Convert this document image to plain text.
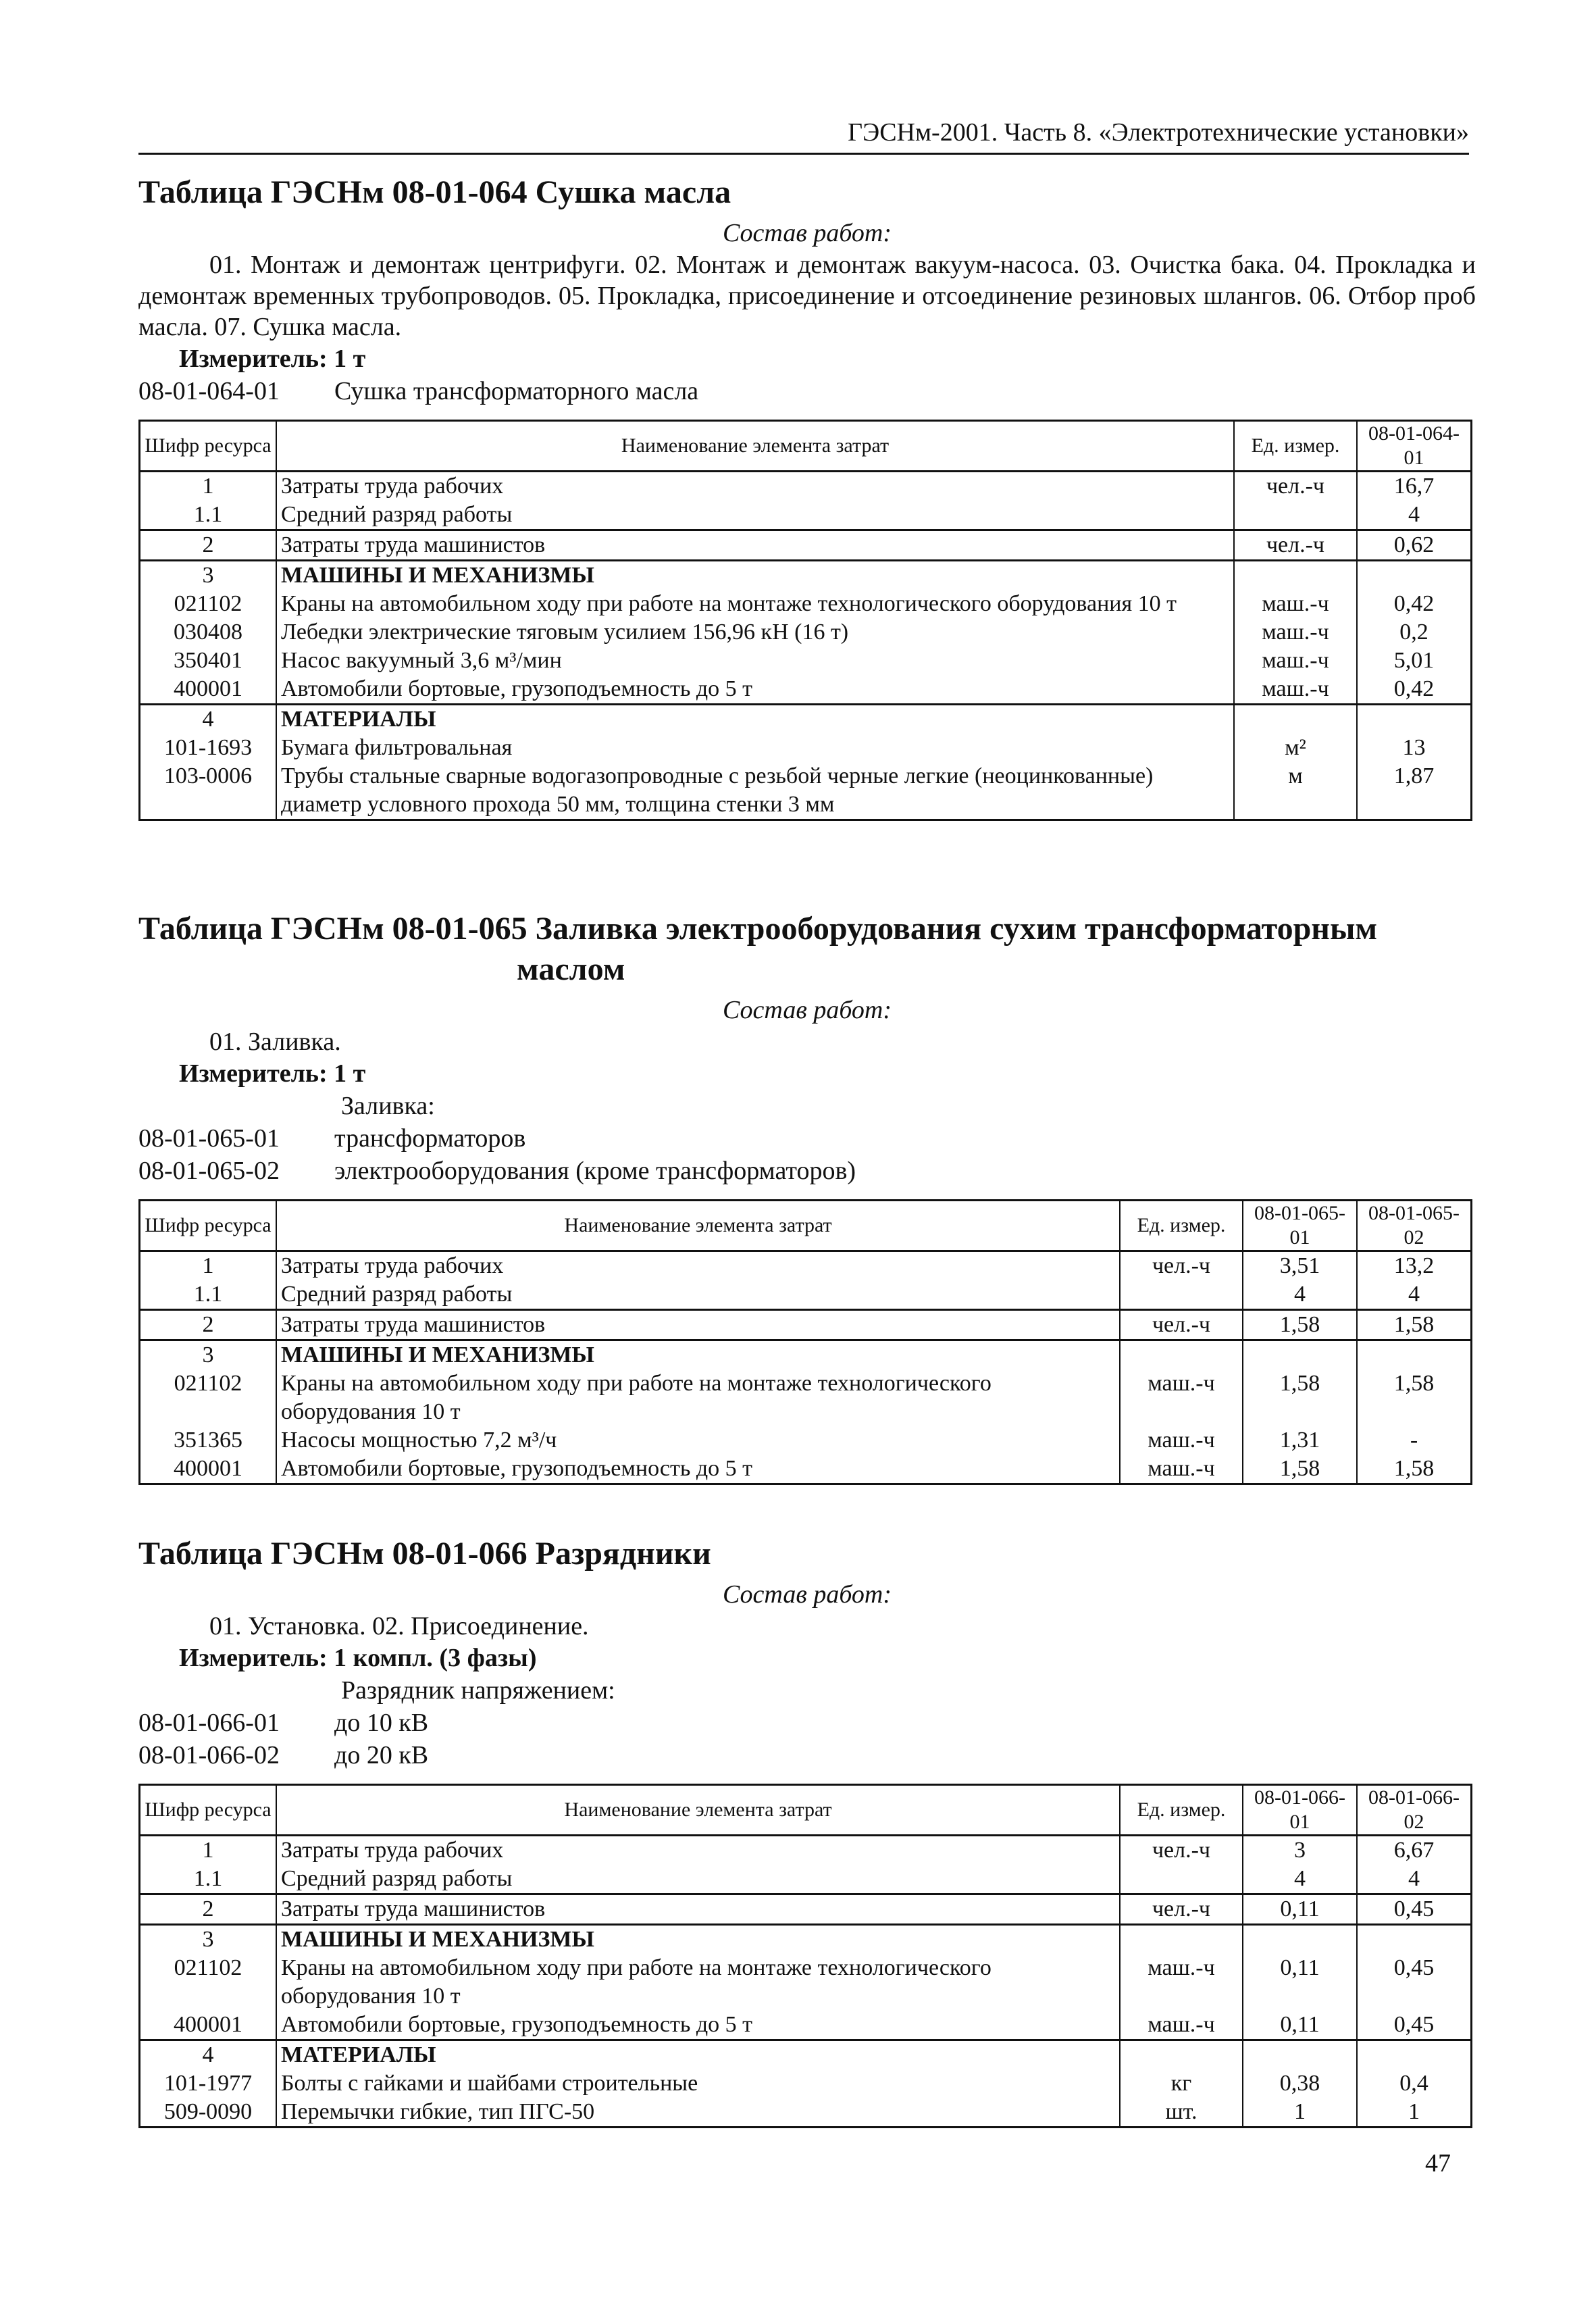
ГЭСНм-2001. Часть 8. «Электротехнические установки»
Таблица ГЭСНм 08-01-064 Сушка масла
Состав работ:

01. Монтаж и демонтаж центрифуги. 02. Монтаж и демонтаж вакуум-насоса. 03. Очистка бака. 04. Прокладка и демонтаж временных трубопроводов. 05. Прокладка, присоединение и отсоединение резиновых шлангов. 06. Отбор проб масла. 07. Сушка масла.

Измеритель: 1 т
08-01-064-01	Сушка трансформаторного масла
Шифр ресурса	Наименование элемента затрат	Ед. измер.	08-01-064-01
1	Затраты труда рабочих	чел.-ч	16,7
1.1	Средний разряд работы		4
2	Затраты труда машинистов	чел.-ч	0,62
3	МАШИНЫ И МЕХАНИЗМЫ		
021102	Краны на автомобильном ходу при работе на монтаже технологического оборудования 10 т	маш.-ч	0,42
030408	Лебедки электрические тяговым усилием 156,96 кН (16 т)	маш.-ч	0,2
350401	Насос вакуумный 3,6 м³/мин	маш.-ч	5,01
400001	Автомобили бортовые, грузоподъемность до 5 т	маш.-ч	0,42
4	МАТЕРИАЛЫ		
101-1693	Бумага фильтровальная	м²	13
103-0006	Трубы стальные сварные водогазопроводные с резьбой черные легкие (неоцинкованные) диаметр условного прохода 50 мм, толщина стенки 3 мм	м	1,87
Таблица ГЭСНм 08-01-065 Заливка электрооборудования сухим трансформаторным
маслом
Состав работ:

01. Заливка.

Измеритель: 1 т
Заливка:
08-01-065-01	трансформаторов
08-01-065-02	электрооборудования (кроме трансформаторов)
Шифр ресурса	Наименование элемента затрат	Ед. измер.	08-01-065-01	08-01-065-02
1	Затраты труда рабочих	чел.-ч	3,51	13,2
1.1	Средний разряд работы		4	4
2	Затраты труда машинистов	чел.-ч	1,58	1,58
3	МАШИНЫ И МЕХАНИЗМЫ			
021102	Краны на автомобильном ходу при работе на монтаже технологического оборудования 10 т	маш.-ч	1,58	1,58
351365	Насосы мощностью 7,2 м³/ч	маш.-ч	1,31	-
400001	Автомобили бортовые, грузоподъемность до 5 т	маш.-ч	1,58	1,58
Таблица ГЭСНм 08-01-066 Разрядники
Состав работ:

01. Установка. 02. Присоединение.

Измеритель: 1 компл. (3 фазы)
Разрядник напряжением:
08-01-066-01	до 10 кВ
08-01-066-02	до 20 кВ
Шифр ресурса	Наименование элемента затрат	Ед. измер.	08-01-066-01	08-01-066-02
1	Затраты труда рабочих	чел.-ч	3	6,67
1.1	Средний разряд работы		4	4
2	Затраты труда машинистов	чел.-ч	0,11	0,45
3	МАШИНЫ И МЕХАНИЗМЫ			
021102	Краны на автомобильном ходу при работе на монтаже технологического оборудования 10 т	маш.-ч	0,11	0,45
400001	Автомобили бортовые, грузоподъемность до 5 т	маш.-ч	0,11	0,45
4	МАТЕРИАЛЫ			
101-1977	Болты с гайками и шайбами строительные	кг	0,38	0,4
509-0090	Перемычки гибкие, тип ПГС-50	шт.	1	1
47
